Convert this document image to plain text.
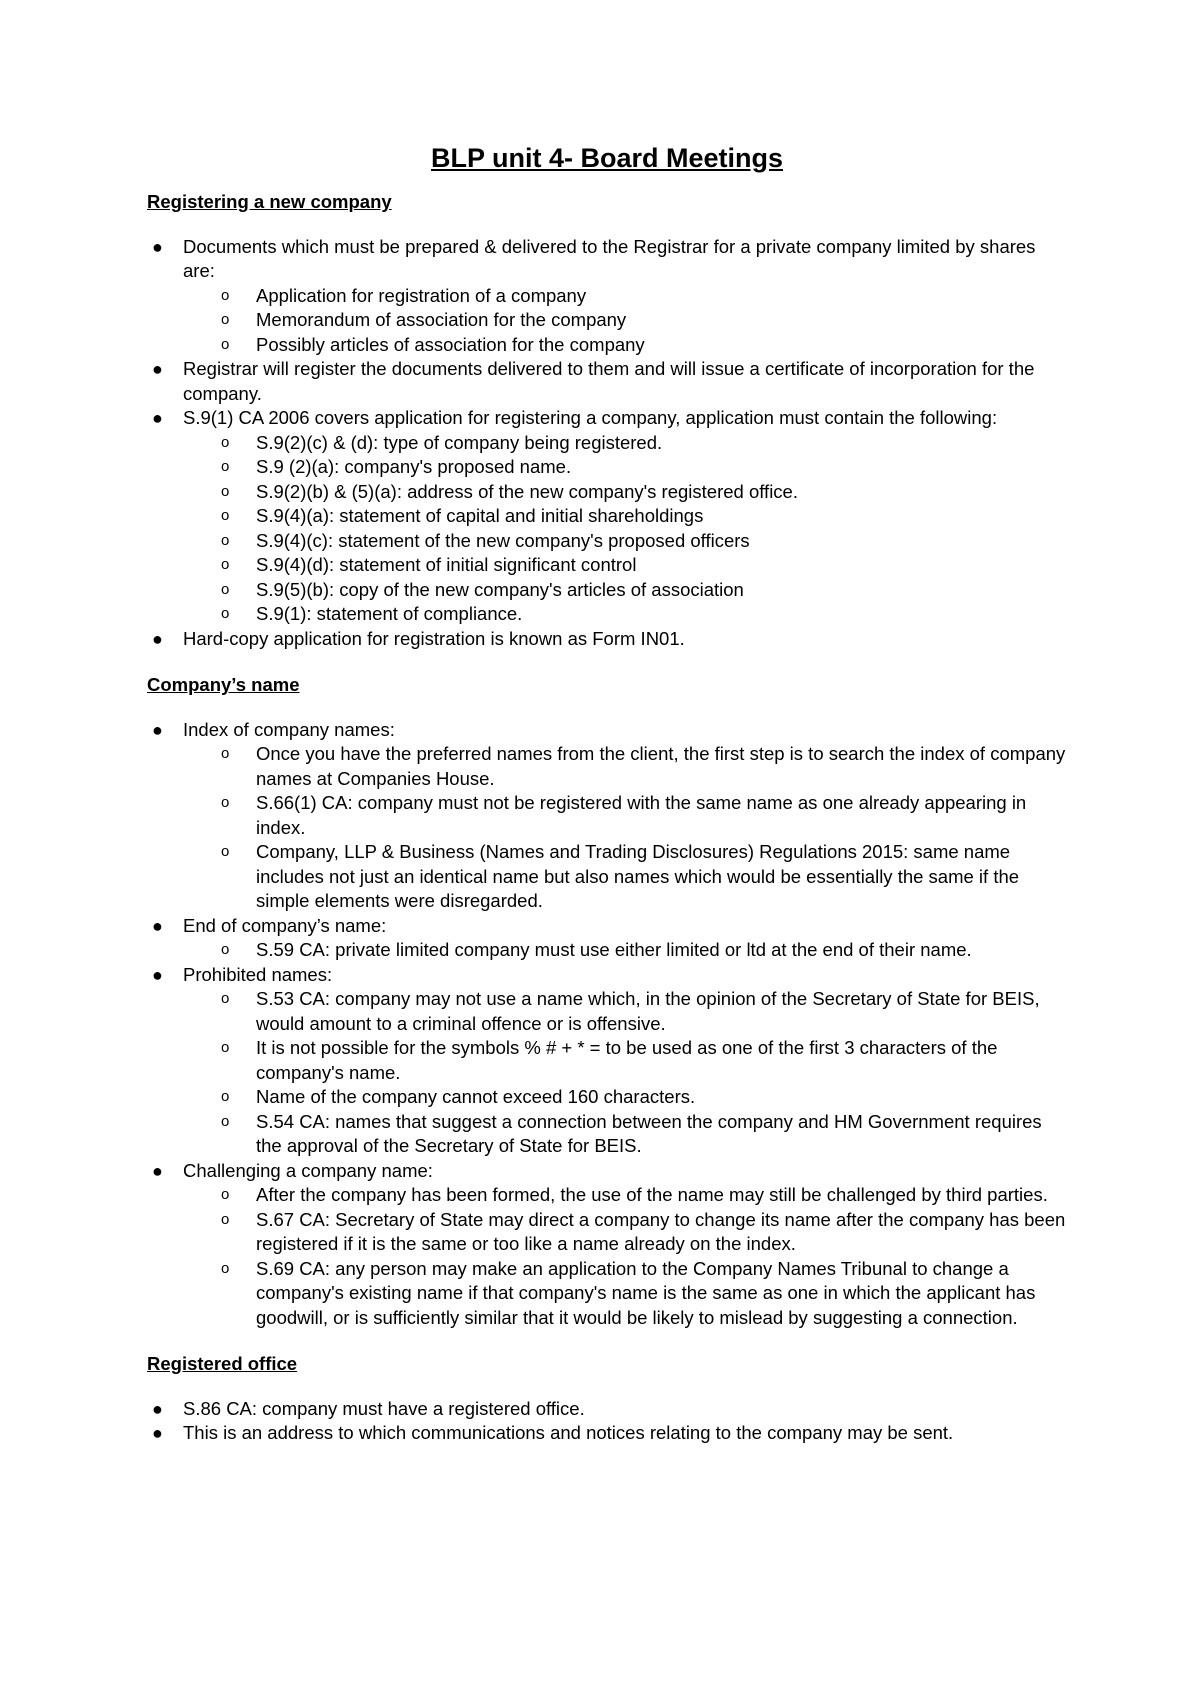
BLP unit 4- Board Meetings
Registering a new company
● Documents which must be prepared & delivered to the Registrar for a private company limited by shares are:
o Application for registration of a company
o Memorandum of association for the company
o Possibly articles of association for the company
● Registrar will register the documents delivered to them and will issue a certificate of incorporation for the company.
● S.9(1) CA 2006 covers application for registering a company, application must contain the following:
o S.9(2)(c) & (d): type of company being registered.
o S.9 (2)(a): company's proposed name.
o S.9(2)(b) & (5)(a): address of the new company's registered office.
o S.9(4)(a): statement of capital and initial shareholdings
o S.9(4)(c): statement of the new company's proposed officers
o S.9(4)(d): statement of initial significant control
o S.9(5)(b): copy of the new company's articles of association
o S.9(1): statement of compliance.
● Hard-copy application for registration is known as Form IN01.
Company’s name
● Index of company names:
o Once you have the preferred names from the client, the first step is to search the index of company names at Companies House.
o S.66(1) CA: company must not be registered with the same name as one already appearing in index.
o Company, LLP & Business (Names and Trading Disclosures) Regulations 2015: same name includes not just an identical name but also names which would be essentially the same if the simple elements were disregarded.
● End of company’s name:
o S.59 CA: private limited company must use either limited or ltd at the end of their name.
● Prohibited names:
o S.53 CA: company may not use a name which, in the opinion of the Secretary of State for BEIS, would amount to a criminal offence or is offensive.
o It is not possible for the symbols % # + * = to be used as one of the first 3 characters of the company's name.
o Name of the company cannot exceed 160 characters.
o S.54 CA: names that suggest a connection between the company and HM Government requires the approval of the Secretary of State for BEIS.
● Challenging a company name:
o After the company has been formed, the use of the name may still be challenged by third parties.
o S.67 CA: Secretary of State may direct a company to change its name after the company has been registered if it is the same or too like a name already on the index.
o S.69 CA: any person may make an application to the Company Names Tribunal to change a company's existing name if that company's name is the same as one in which the applicant has goodwill, or is sufficiently similar that it would be likely to mislead by suggesting a connection.
Registered office
● S.86 CA: company must have a registered office.
● This is an address to which communications and notices relating to the company may be sent.
